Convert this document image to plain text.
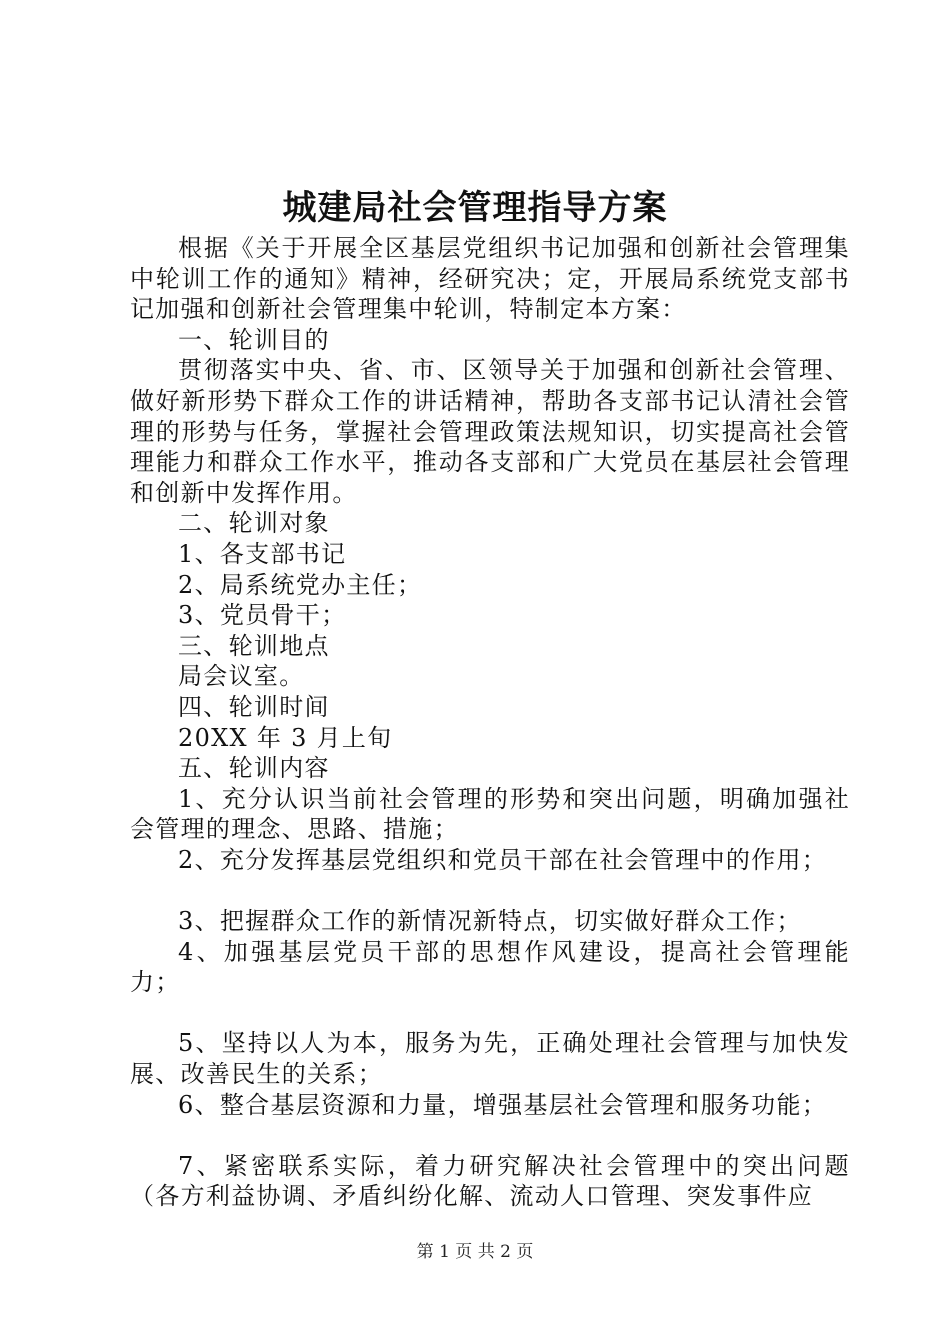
城建局社会管理指导方案

根据《关于开展全区基层党组织书记加强和创新社会管理集中轮训工作的通知》精神，经研究决；定，开展局系统党支部书记加强和创新社会管理集中轮训，特制定本方案：

一、轮训目的

贯彻落实中央、省、市、区领导关于加强和创新社会管理、做好新形势下群众工作的讲话精神，帮助各支部书记认清社会管理的形势与任务，掌握社会管理政策法规知识，切实提高社会管理能力和群众工作水平，推动各支部和广大党员在基层社会管理和创新中发挥作用。

二、轮训对象

1、各支部书记

2、局系统党办主任；

3、党员骨干；

三、轮训地点

局会议室。

四、轮训时间

20XX 年 3 月上旬

五、轮训内容

1、充分认识当前社会管理的形势和突出问题，明确加强社会管理的理念、思路、措施；

2、充分发挥基层党组织和党员干部在社会管理中的作用；

3、把握群众工作的新情况新特点，切实做好群众工作；

4、加强基层党员干部的思想作风建设，提高社会管理能力；

5、坚持以人为本，服务为先，正确处理社会管理与加快发展、改善民生的关系；

6、整合基层资源和力量，增强基层社会管理和服务功能；

7、紧密联系实际，着力研究解决社会管理中的突出问题（各方利益协调、矛盾纠纷化解、流动人口管理、突发事件应

第 1 页 共 2 页
